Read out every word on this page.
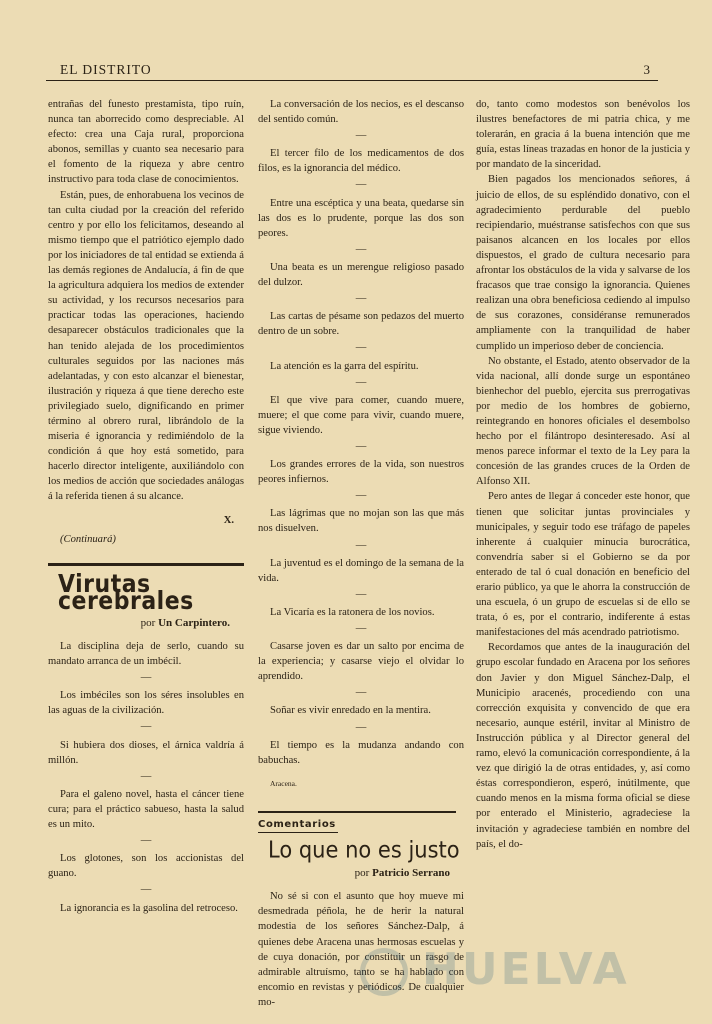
EL DISTRITO	3

entrañas del funesto prestamista, tipo ruín, nunca tan aborrecido como despreciable. Al efecto: crea una Caja rural, proporciona abonos, semillas y cuanto sea necesario para el fomento de la riqueza y abre centro instructivo para toda clase de conocimientos.

Están, pues, de enhorabuena los vecinos de tan culta ciudad por la creación del referido centro y por ello los felicitamos, deseando al mismo tiempo que el patriótico ejemplo dado por los iniciadores de tal entidad se extienda á las demás regiones de Andalucía, á fin de que la agricultura adquiera los medios de extender su actividad, y los recursos necesarios para practicar todas las operaciones, haciendo desaparecer obstáculos tradicionales que la han tenido alejada de los procedimientos culturales seguidos por las naciones más adelantadas, y con esto alcanzar el bienestar, ilustración y riqueza á que tiene derecho este privilegiado suelo, dignificando en primer término al obrero rural, librándolo de la miseria é ignorancia y redimiéndolo de la condición á que hoy está sometido, para hacerlo director inteligente, auxiliándolo con los medios de acción que sociedades análogas á la referida tienen á su alcance.

X.
(Continuará)
Virutas cerebrales
por Un Carpintero.

La disciplina deja de serlo, cuando su mandato arranca de un imbécil.

—

Los imbéciles son los séres insolubles en las aguas de la civilización.

—

Si hubiera dos dioses, el árnica valdría á millón.

—

Para el galeno novel, hasta el cáncer tiene cura; para el práctico sabueso, hasta la salud es un mito.

—

Los glotones, son los accionistas del guano.

—

La ignorancia es la gasolina del retroceso.

La conversación de los necios, es el descanso del sentido común.

—

El tercer filo de los medicamentos de dos filos, es la ignorancia del médico.

—

Entre una escéptica y una beata, quedarse sin las dos es lo prudente, porque las dos son peores.

—

Una beata es un merengue religioso pasado del dulzor.

—

Las cartas de pésame son pedazos del muerto dentro de un sobre.

—

La atención es la garra del espíritu.

—

El que vive para comer, cuando muere, muere; el que come para vivir, cuando muere, sigue viviendo.

—

Los grandes errores de la vida, son nuestros peores infiernos.

—

Las lágrimas que no mojan son las que más nos disuelven.

—

La juventud es el domingo de la semana de la vida.

—

La Vicaría es la ratonera de los novios.

—

Casarse joven es dar un salto por encima de la experiencia; y casarse viejo el olvidar lo aprendido.

—

Soñar es vivir enredado en la mentira.

—

El tiempo es la mudanza andando con babuchas.

Aracena.
Comentarios
Lo que no es justo
por Patricio Serrano

No sé si con el asunto que hoy mueve mi desmedrada péñola, he de herir la natural modestia de los señores Sánchez-Dalp, á quienes debe Aracena unas hermosas escuelas y de cuya donación, por constituir un rasgo de admirable altruísmo, tanto se ha hablado con encomio en revistas y periódicos. De cualquier mo-

do, tanto como modestos son benévolos los ilustres benefactores de mi patria chica, y me tolerarán, en gracia á la buena intención que me guía, estas líneas trazadas en honor de la justicia y por mandato de la sinceridad.

Bien pagados los mencionados señores, á juicio de ellos, de su espléndido donativo, con el agradecimiento perdurable del pueblo recipiendario, muéstranse satisfechos con que sus paisanos alcancen en los locales por ellos dispuestos, el grado de cultura necesario para afrontar los obstáculos de la vida y salvarse de los fracasos que trae consigo la ignorancia. Quienes realizan una obra beneficiosa cediendo al impulso de sus corazones, considéranse remunerados ampliamente con la tranquilidad de haber cumplido un imperioso deber de conciencia.

No obstante, el Estado, atento observador de la vida nacional, allí donde surge un espontáneo bienhechor del pueblo, ejercita sus prerrogativas por medio de los hombres de gobierno, reintegrando en honores oficiales el desembolso hecho por el filántropo desinteresado. Así al menos parece informar el texto de la Ley para la concesión de las grandes cruces de la Orden de Alfonso XII.

Pero antes de llegar á conceder este honor, que tienen que solicitar juntas provinciales y municipales, y seguir todo ese tráfago de papeles inherente á cualquier minucia burocrática, convendría saber si el Gobierno se da por enterado de tal ó cual donación en beneficio del erario público, ya que le ahorra la construcción de una escuela, ó un grupo de escuelas si de ello se trata, ó es, por el contrario, indiferente á estas manifestaciones del más acendrado patriotismo.

Recordamos que antes de la inauguración del grupo escolar fundado en Aracena por los señores don Javier y don Miguel Sánchez-Dalp, el Municipio aracenés, procediendo con una corrección exquisita y convencido de que era necesario, aunque estéril, invitar al Ministro de Instrucción pública y al Director general del ramo, elevó la comunicación correspondiente, á la vez que dirigió la de otras entidades, y, así como éstas correspondieron, esperó, inútilmente, que cuando menos en la misma forma oficial se diese por enterado el Ministerio, agradeciese la invitación y agradeciese también en nombre del país, el do-

HUELVA
